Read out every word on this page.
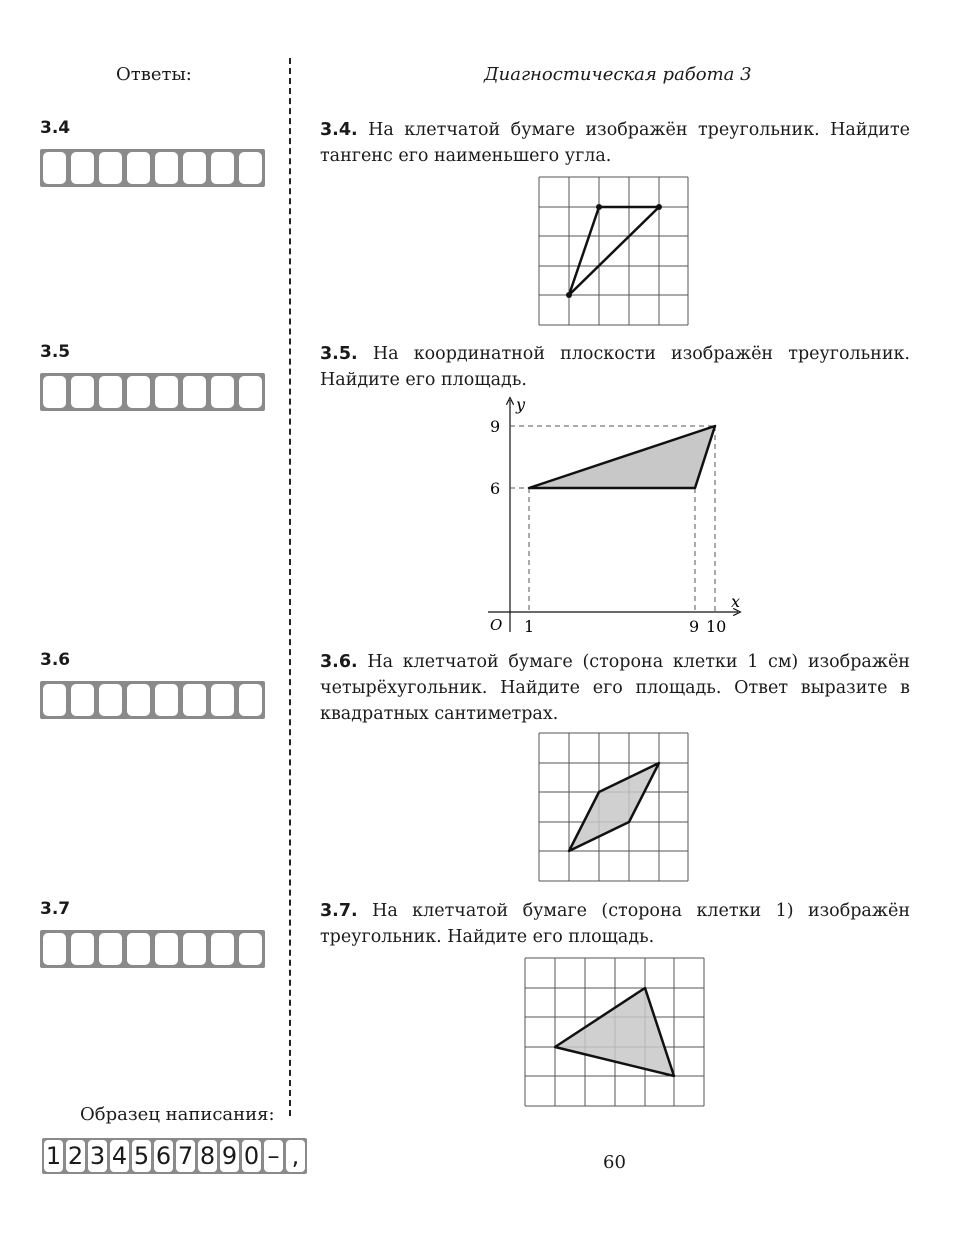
Ответы:	Диагностическая работа 3
3.4
3.5
3.6
3.7
3.4. На клетчатой бумаге изображён треугольник. Найдите тангенс его наименьшего угла.
3.5. На координатной плоскости изображён треугольник. Найдите его площадь.
3.6. На клетчатой бумаге (сторона клетки 1 см) изображён четырёхугольник. Найдите его площадь. Ответ выразите в квадратных сантиметрах.
3.7. На клетчатой бумаге (сторона клетки 1) изображён треугольник. Найдите его площадь.
y
x
O 1	9 10
9
6
Образец написания:
1 2 3 4 5 6 7 8 9 0 – ,	60
